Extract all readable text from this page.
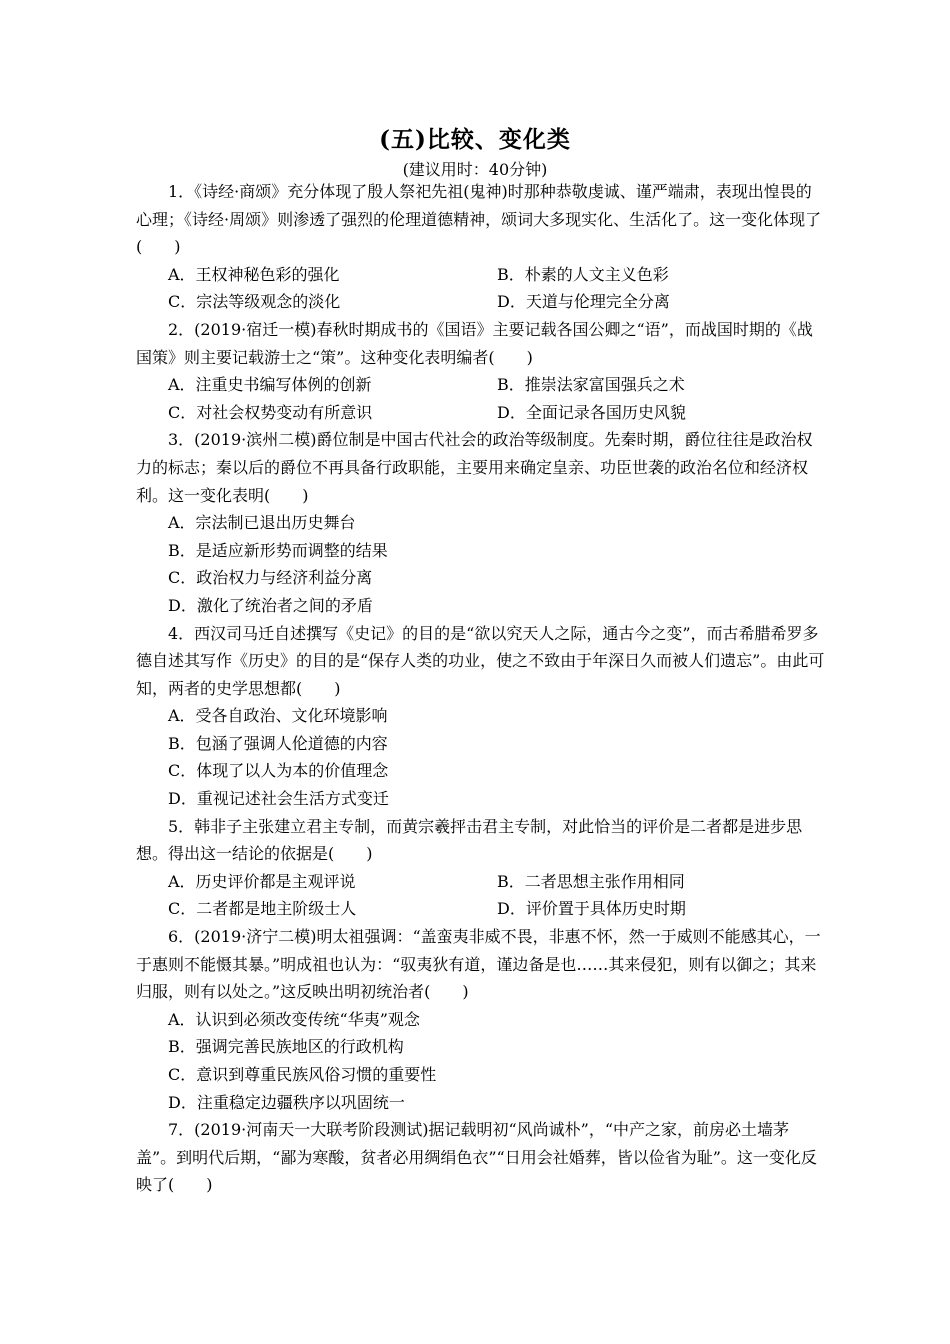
(五)比较、变化类
(建议用时：40分钟)

1．《诗经·商颂》充分体现了殷人祭祀先祖(鬼神)时那种恭敬虔诚、谨严端肃，表现出惶畏的心理；《诗经·周颂》则渗透了强烈的伦理道德精神，颂词大多现实化、生活化了。这一变化体现了(　　)

A．王权神秘色彩的强化	B．朴素的人文主义色彩
C．宗法等级观念的淡化	D．天道与伦理完全分离

2．(2019·宿迁一模)春秋时期成书的《国语》主要记载各国公卿之“语”，而战国时期的《战国策》则主要记载游士之“策”。这种变化表明编者(　　)

A．注重史书编写体例的创新	B．推崇法家富国强兵之术
C．对社会权势变动有所意识	D．全面记录各国历史风貌

3．(2019·滨州二模)爵位制是中国古代社会的政治等级制度。先秦时期，爵位往往是政治权力的标志；秦以后的爵位不再具备行政职能，主要用来确定皇亲、功臣世袭的政治名位和经济权利。这一变化表明(　　)

A．宗法制已退出历史舞台
B．是适应新形势而调整的结果
C．政治权力与经济利益分离
D．激化了统治者之间的矛盾

4．西汉司马迁自述撰写《史记》的目的是“欲以究天人之际，通古今之变”，而古希腊希罗多德自述其写作《历史》的目的是“保存人类的功业，使之不致由于年深日久而被人们遗忘”。由此可知，两者的史学思想都(　　)

A．受各自政治、文化环境影响
B．包涵了强调人伦道德的内容
C．体现了以人为本的价值理念
D．重视记述社会生活方式变迁

5．韩非子主张建立君主专制，而黄宗羲抨击君主专制，对此恰当的评价是二者都是进步思想。得出这一结论的依据是(　　)

A．历史评价都是主观评说	B．二者思想主张作用相同
C．二者都是地主阶级士人	D．评价置于具体历史时期

6．(2019·济宁二模)明太祖强调：“盖蛮夷非威不畏，非惠不怀，然一于威则不能感其心，一于惠则不能慑其暴。”明成祖也认为：“驭夷狄有道，谨边备是也……其来侵犯，则有以御之；其来归服，则有以处之。”这反映出明初统治者(　　)

A．认识到必须改变传统“华夷”观念
B．强调完善民族地区的行政机构
C．意识到尊重民族风俗习惯的重要性
D．注重稳定边疆秩序以巩固统一

7．(2019·河南天一大联考阶段测试)据记载明初“风尚诚朴”，“中产之家，前房必土墙茅盖”。到明代后期，“鄙为寒酸，贫者必用绸绢色衣”“日用会社婚葬，皆以俭省为耻”。这一变化反映了(　　)
